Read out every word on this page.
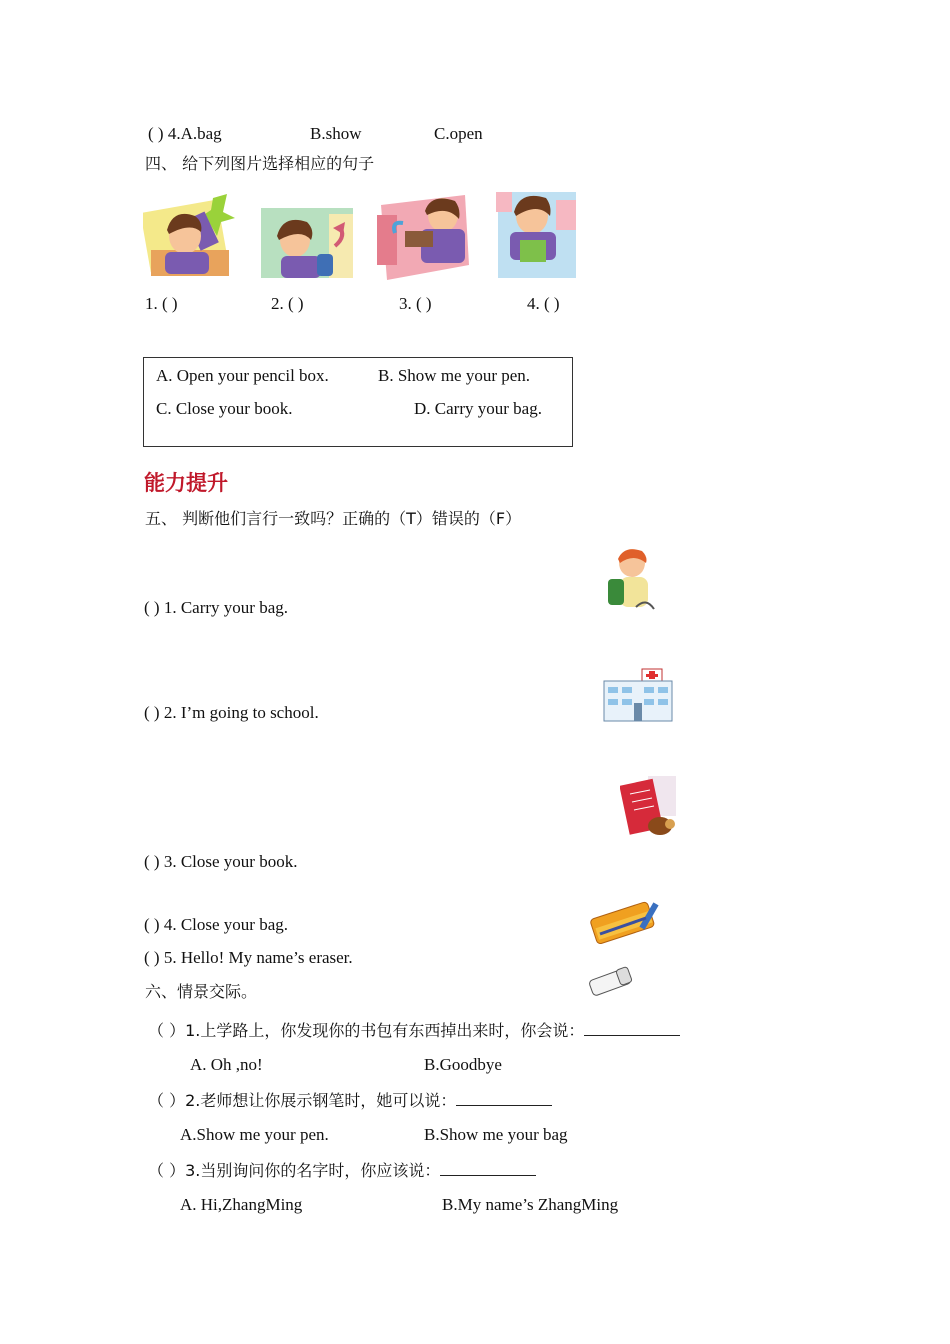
( ) 4.A.bag	B.show	C.open
四、 给下列图片选择相应的句子
1. ( )	2. ( )	3. ( )	4. ( )
A. Open your pencil box.	B. Show me your pen.
C. Close your book.	D. Carry your bag.
能力提升
五、 判断他们言行一致吗？正确的（T）错误的（F）
( ) 1. Carry your bag.
( ) 2. I’m going to school.
( ) 3. Close your book.
( ) 4. Close your bag.
( ) 5. Hello! My name’s eraser.
六、情景交际。
（ ）1.上学路上，你发现你的书包有东西掉出来时，你会说：
A. Oh ,no!	B.Goodbye
（ ）2.老师想让你展示钢笔时，她可以说：
A.Show me your pen.	B.Show me your bag
（ ）3.当别询问你的名字时，你应该说：
A. Hi,ZhangMing	B.My name’s ZhangMing
